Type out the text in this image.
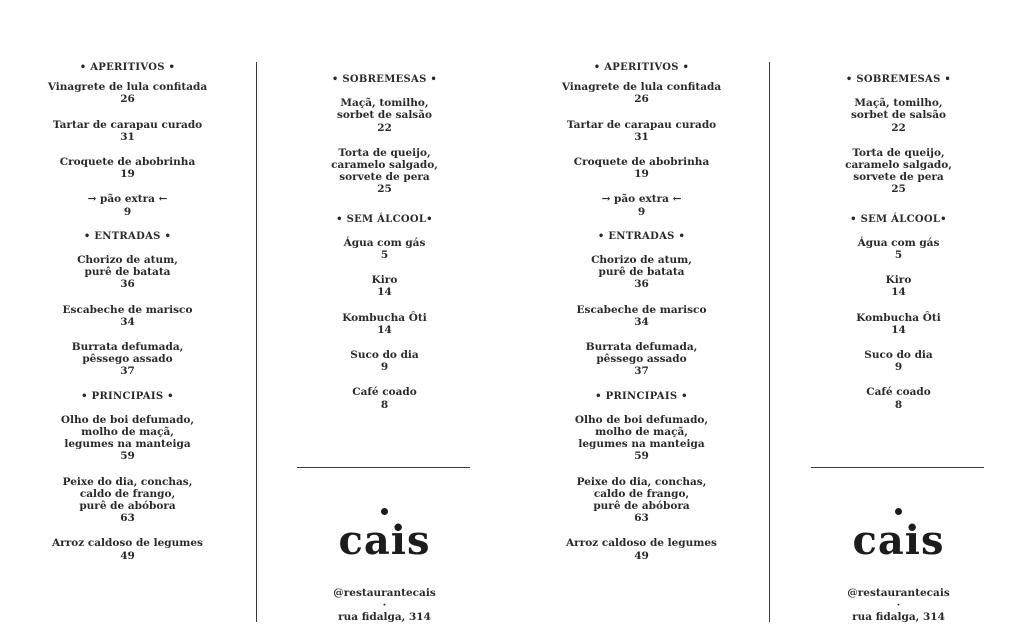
• APERITIVOS •
Vinagrete de lula confitada
26
Tartar de carapau curado
31
Croquete de abobrinha
19
→ pão extra ←
9
• ENTRADAS •
Chorizo de atum,
purê de batata
36
Escabeche de marisco
34
Burrata defumada,
pêssego assado
37
• PRINCIPAIS •
Olho de boi defumado,
molho de maçã,
legumes na manteiga
59
Peixe do dia, conchas,
caldo de frango,
purê de abóbora
63
Arroz caldoso de legumes
49
• SOBREMESAS •
Maçã, tomilho,
sorbet de salsão
22
Torta de queijo,
caramelo salgado,
sorvete de pera
25
• SEM ÁLCOOL•
Água com gás
5
Kiro
14
Kombucha Ôti
14
Suco do dia
9
Café coado
8
cais
@restaurantecais
·
rua fidalga, 314
• APERITIVOS •
Vinagrete de lula confitada
26
Tartar de carapau curado
31
Croquete de abobrinha
19
→ pão extra ←
9
• ENTRADAS •
Chorizo de atum,
purê de batata
36
Escabeche de marisco
34
Burrata defumada,
pêssego assado
37
• PRINCIPAIS •
Olho de boi defumado,
molho de maçã,
legumes na manteiga
59
Peixe do dia, conchas,
caldo de frango,
purê de abóbora
63
Arroz caldoso de legumes
49
• SOBREMESAS •
Maçã, tomilho,
sorbet de salsão
22
Torta de queijo,
caramelo salgado,
sorvete de pera
25
• SEM ÁLCOOL•
Água com gás
5
Kiro
14
Kombucha Ôti
14
Suco do dia
9
Café coado
8
cais
@restaurantecais
·
rua fidalga, 314
